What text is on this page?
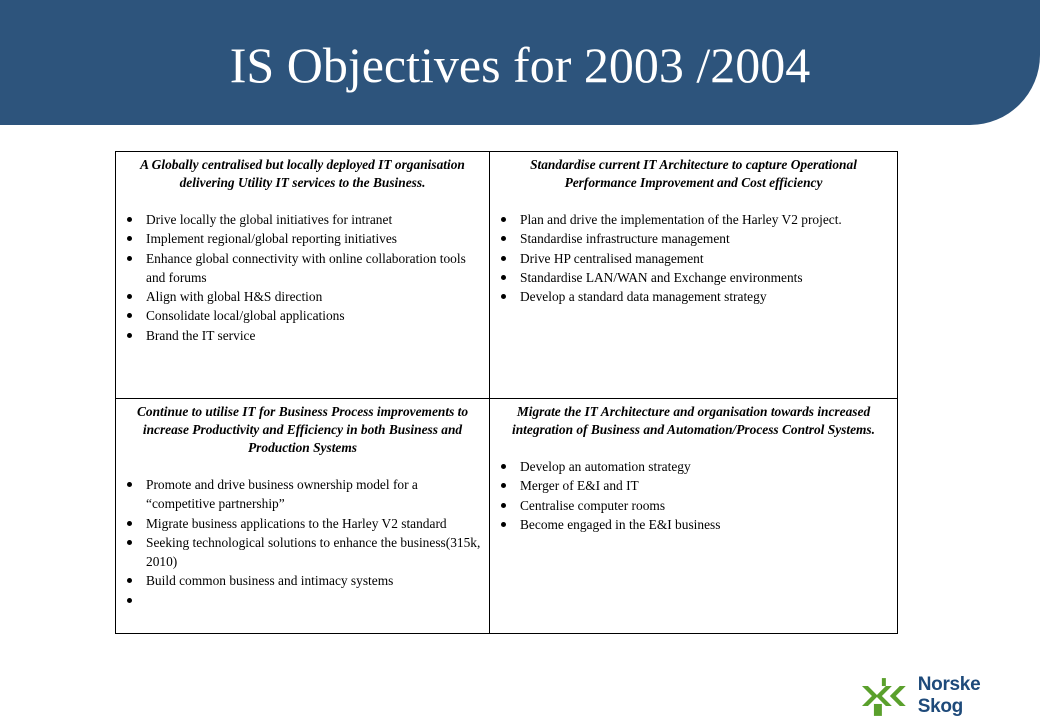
IS Objectives for 2003 /2004
A Globally centralised but locally deployed IT organisation delivering Utility IT services to the Business.
Drive locally the global initiatives for intranet
Implement regional/global reporting initiatives
Enhance global connectivity with online collaboration tools and forums
Align with global H&S direction
Consolidate local/global applications
Brand the IT service
Standardise current IT Architecture to capture Operational Performance Improvement and Cost efficiency
Plan and drive the implementation of the Harley V2 project.
Standardise infrastructure management
Drive HP centralised management
Standardise LAN/WAN and Exchange environments
Develop a standard data management strategy
Continue to utilise IT for Business Process improvements to increase Productivity and Efficiency in both Business and Production Systems
Promote and drive business ownership model for a “competitive partnership”
Migrate business applications to the Harley V2 standard
Seeking technological solutions to enhance the business(315k, 2010)
Build common business and intimacy systems

Migrate the IT Architecture and organisation towards increased integration of Business and Automation/Process Control Systems.
Develop an automation strategy
Merger of E&I and IT
Centralise computer rooms
Become engaged in the E&I business
Norske Skog
